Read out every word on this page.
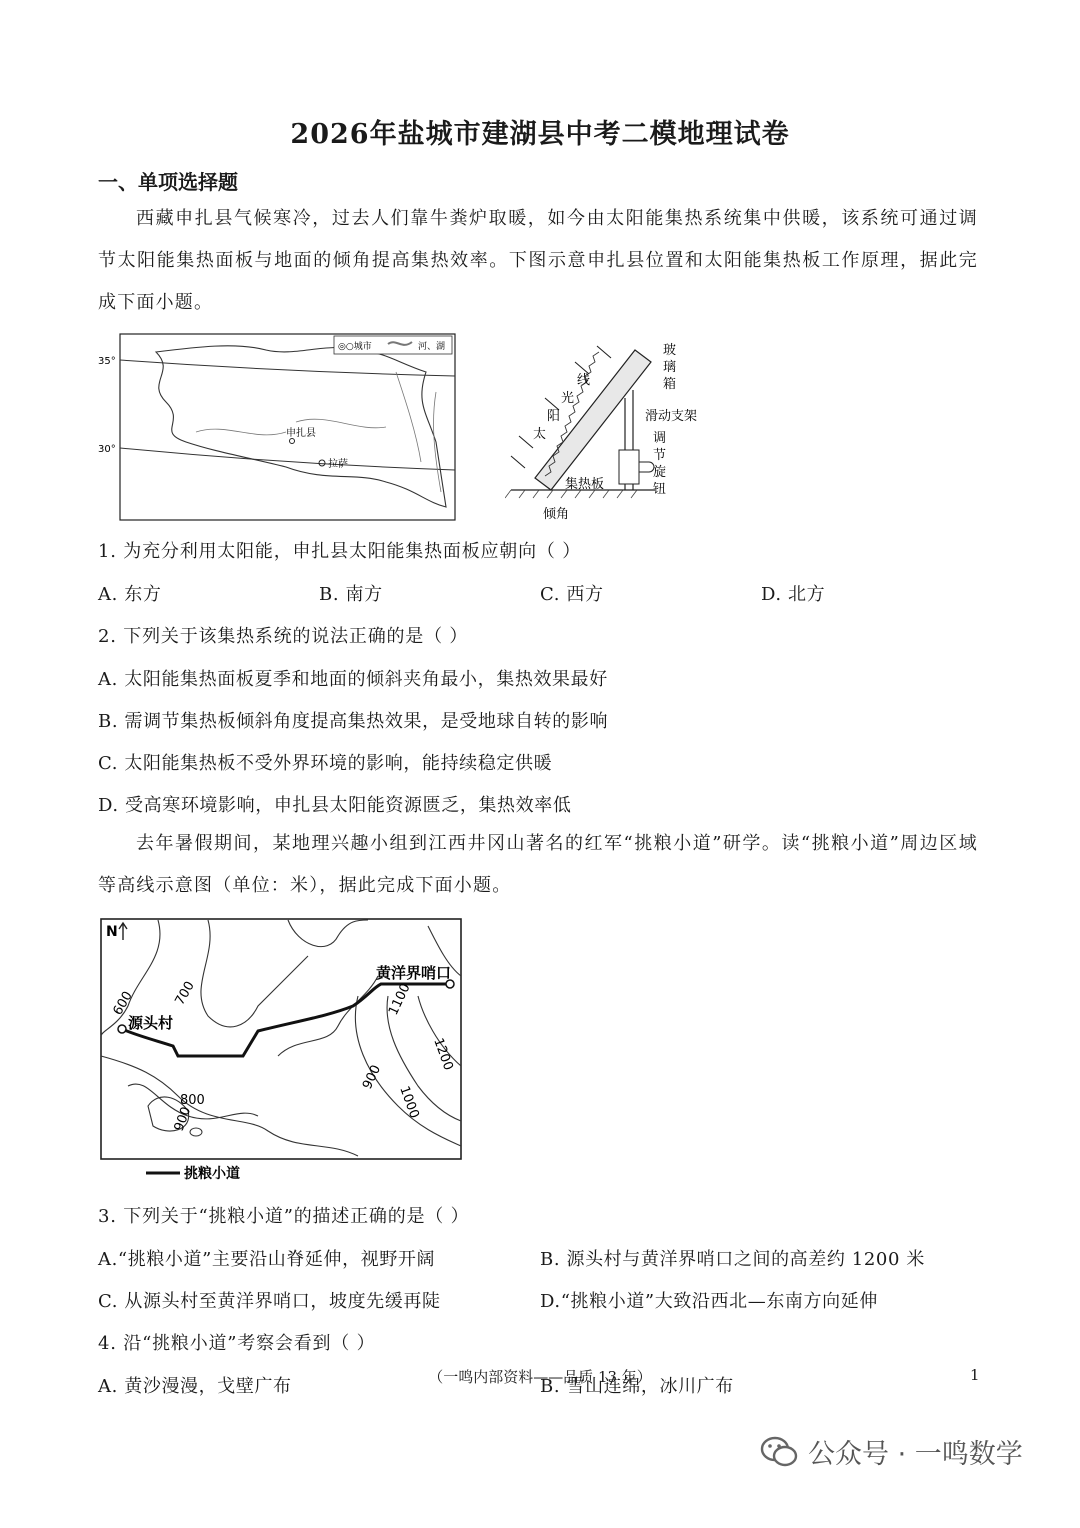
2026年盐城市建湖县中考二模地理试卷
一、单项选择题
西藏申扎县气候寒冷，过去人们靠牛粪炉取暖，如今由太阳能集热系统集中供暖，该系统可通过调节太阳能集热面板与地面的倾角提高集热效率。下图示意申扎县位置和太阳能集热板工作原理，据此完成下面小题。
35°
30°
◎○城市	河、湖
申扎县
拉萨
太
阳
光
线
玻
璃
箱
滑动支架
调
节
旋
钮
集热板
倾角
1. 为充分利用太阳能，申扎县太阳能集热面板应朝向（ ）
A. 东方	B. 南方	C. 西方	D. 北方
2. 下列关于该集热系统的说法正确的是（ ）
A. 太阳能集热面板夏季和地面的倾斜夹角最小，集热效果最好
B. 需调节集热板倾斜角度提高集热效果，是受地球自转的影响
C. 太阳能集热板不受外界环境的影响，能持续稳定供暖
D. 受高寒环境影响，申扎县太阳能资源匮乏，集热效率低
去年暑假期间，某地理兴趣小组到江西井冈山著名的红军“挑粮小道”研学。读“挑粮小道”周边区域等高线示意图（单位：米），据此完成下面小题。
N
源头村
黄洋界哨口
600	700	1100
1200
900
1000
800
900
挑粮小道
3. 下列关于“挑粮小道”的描述正确的是（ ）
A.“挑粮小道”主要沿山脊延伸，视野开阔	B. 源头村与黄洋界哨口之间的高差约 1200 米
C. 从源头村至黄洋界哨口，坡度先缓再陡	D.“挑粮小道”大致沿西北—东南方向延伸
4. 沿“挑粮小道”考察会看到（ ）
A. 黄沙漫漫，戈壁广布	B. 雪山连绵，冰川广布
（一鸣内部资料——品质 13 年）	1
公众号 · 一鸣数学
